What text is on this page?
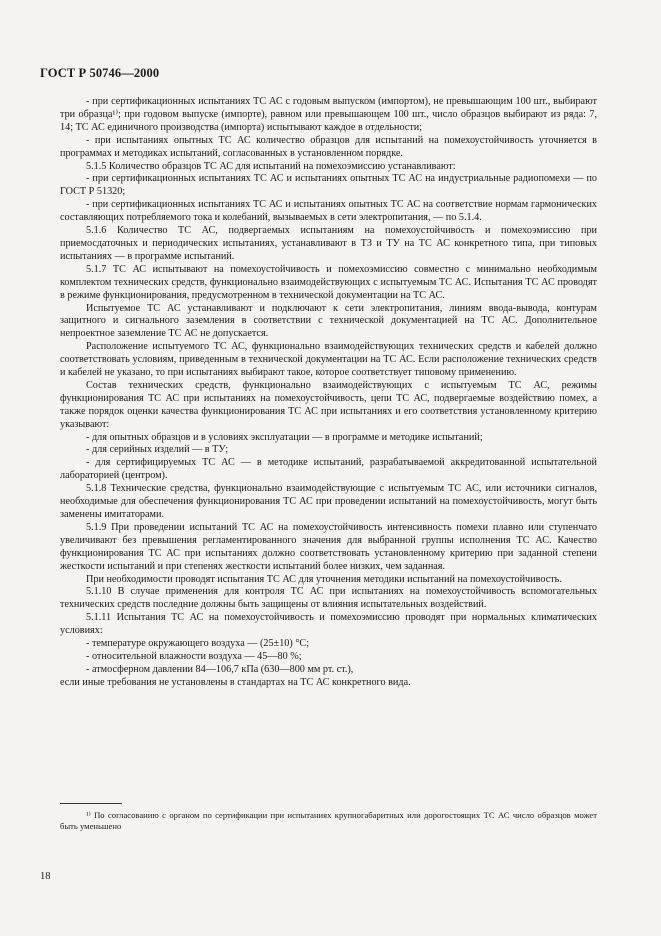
ГОСТ Р 50746—2000

- при сертификационных испытаниях ТС АС с годовым выпуском (импортом), не превышающим 100 шт., выбирают три образца¹⁾; при годовом выпуске (импорте), равном или превышающем 100 шт., число образцов выбирают из ряда: 7, 14; ТС АС единичного производства (импорта) испытывают каждое в отдельности;

- при испытаниях опытных ТС АС количество образцов для испытаний на помехоустойчивость уточняется в программах и методиках испытаний, согласованных в установленном порядке.

5.1.5 Количество образцов ТС АС для испытаний на помехоэмиссию устанавливают:

- при сертификационных испытаниях ТС АС и испытаниях опытных ТС АС на индустриальные радиопомехи — по ГОСТ Р 51320;

- при сертификационных испытаниях ТС АС и испытаниях опытных ТС АС на соответствие нормам гармонических составляющих потребляемого тока и колебаний, вызываемых в сети электропитания, — по 5.1.4.

5.1.6 Количество ТС АС, подвергаемых испытаниям на помехоустойчивость и помехоэмиссию при приемосдаточных и периодических испытаниях, устанавливают в ТЗ и ТУ на ТС АС конкретного типа, при типовых испытаниях — в программе испытаний.

5.1.7 ТС АС испытывают на помехоустойчивость и помехоэмиссию совместно с минимально необходимым комплектом технических средств, функционально взаимодействующих с испытуемым ТС АС. Испытания ТС АС проводят в режиме функционирования, предусмотренном в технической документации на ТС АС.

Испытуемое ТС АС устанавливают и подключают к сети электропитания, линиям ввода-вывода, контурам защитного и сигнального заземления в соответствии с технической документацией на ТС АС. Дополнительное непроектное заземление ТС АС не допускается.

Расположение испытуемого ТС АС, функционально взаимодействующих технических средств и кабелей должно соответствовать условиям, приведенным в технической документации на ТС АС. Если расположение технических средств и кабелей не указано, то при испытаниях выбирают такое, которое соответствует типовому применению.

Состав технических средств, функционально взаимодействующих с испытуемым ТС АС, режимы функционирования ТС АС при испытаниях на помехоустойчивость, цепи ТС АС, подвергаемые воздействию помех, а также порядок оценки качества функционирования ТС АС при испытаниях и его соответствия установленному критерию указывают:

- для опытных образцов и в условиях эксплуатации — в программе и методике испытаний;

- для серийных изделий — в ТУ;

- для сертифицируемых ТС АС — в методике испытаний, разрабатываемой аккредитованной испытательной лабораторией (центром).

5.1.8 Технические средства, функционально взаимодействующие с испытуемым ТС АС, или источники сигналов, необходимые для обеспечения функционирования ТС АС при проведении испытаний на помехоустойчивость, могут быть заменены имитаторами.

5.1.9 При проведении испытаний ТС АС на помехоустойчивость интенсивность помехи плавно или ступенчато увеличивают без превышения регламентированного значения для выбранной группы исполнения ТС АС. Качество функционирования ТС АС при испытаниях должно соответствовать установленному критерию при заданной степени жесткости испытаний и при степенях жесткости испытаний более низких, чем заданная.

При необходимости проводят испытания ТС АС для уточнения методики испытаний на помехоустойчивость.

5.1.10 В случае применения для контроля ТС АС при испытаниях на помехоустойчивость вспомогательных технических средств последние должны быть защищены от влияния испытательных воздействий.

5.1.11 Испытания ТС АС на помехоустойчивость и помехоэмиссию проводят при нормальных климатических условиях:

- температуре окружающего воздуха — (25±10) °С;

- относительной влажности воздуха — 45—80 %;

- атмосферном давлении 84—106,7 кПа (630—800 мм рт. ст.),

если иные требования не установлены в стандартах на ТС АС конкретного вида.

¹⁾ По согласованию с органом по сертификации при испытаниях крупногабаритных или дорогостоящих ТС АС число образцов может быть уменьшено

18
